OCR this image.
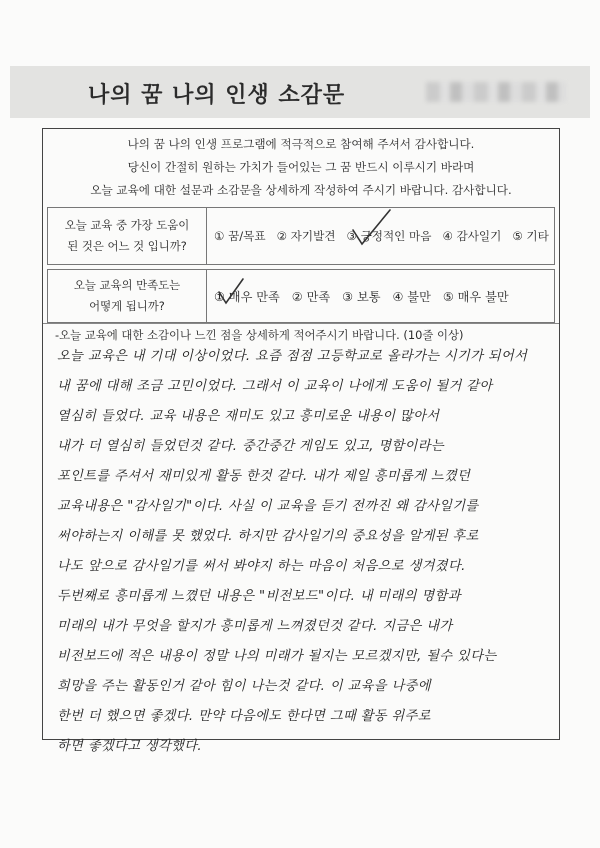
나의 꿈 나의 인생 소감문
나의 꿈 나의 인생 프로그램에 적극적으로 참여해 주셔서 감사합니다.
당신이 간절히 원하는 가치가 들어있는 그 꿈 반드시 이루시기 바라며
오늘 교육에 대한 설문과 소감문을 상세하게 작성하여 주시기 바랍니다. 감사합니다.
오늘 교육 중 가장 도움이
된 것은 어느 것 입니까?
① 꿈/목표 ② 자기발견 ③ 긍정적인 마음 ④ 감사일기 ⑤ 기타
오늘 교육의 만족도는
어떻게 됩니까?
① 매우 만족 ② 만족 ③ 보통 ④ 불만 ⑤ 매우 불만
-오늘 교육에 대한 소감이나 느낀 점을 상세하게 적어주시기 바랍니다. (10줄 이상)
오늘 교육은 내 기대 이상이었다. 요즘 점점 고등학교로 올라가는 시기가 되어서
내 꿈에 대해 조금 고민이었다. 그래서 이 교육이 나에게 도움이 될거 같아
열심히 들었다. 교육 내용은 재미도 있고 흥미로운 내용이 많아서
내가 더 열심히 들었던것 같다. 중간중간 게임도 있고, 명함이라는
포인트를 주셔서 재미있게 활동 한것 같다. 내가 제일 흥미롭게 느꼈던
교육내용은 "감사일기"이다. 사실 이 교육을 듣기 전까진 왜 감사일기를
써야하는지 이해를 못 했었다. 하지만 감사일기의 중요성을 알게된 후로
나도 앞으로 감사일기를 써서 봐야지 하는 마음이 처음으로 생겨졌다.
두번째로 흥미롭게 느꼈던 내용은 "비전보드"이다. 내 미래의 명함과
미래의 내가 무엇을 할지가 흥미롭게 느껴졌던것 같다. 지금은 내가
비전보드에 적은 내용이 정말 나의 미래가 될지는 모르겠지만, 될수 있다는
희망을 주는 활동인거 같아 힘이 나는것 같다. 이 교육을 나중에
한번 더 했으면 좋겠다. 만약 다음에도 한다면 그때 활동 위주로
하면 좋겠다고 생각했다.
